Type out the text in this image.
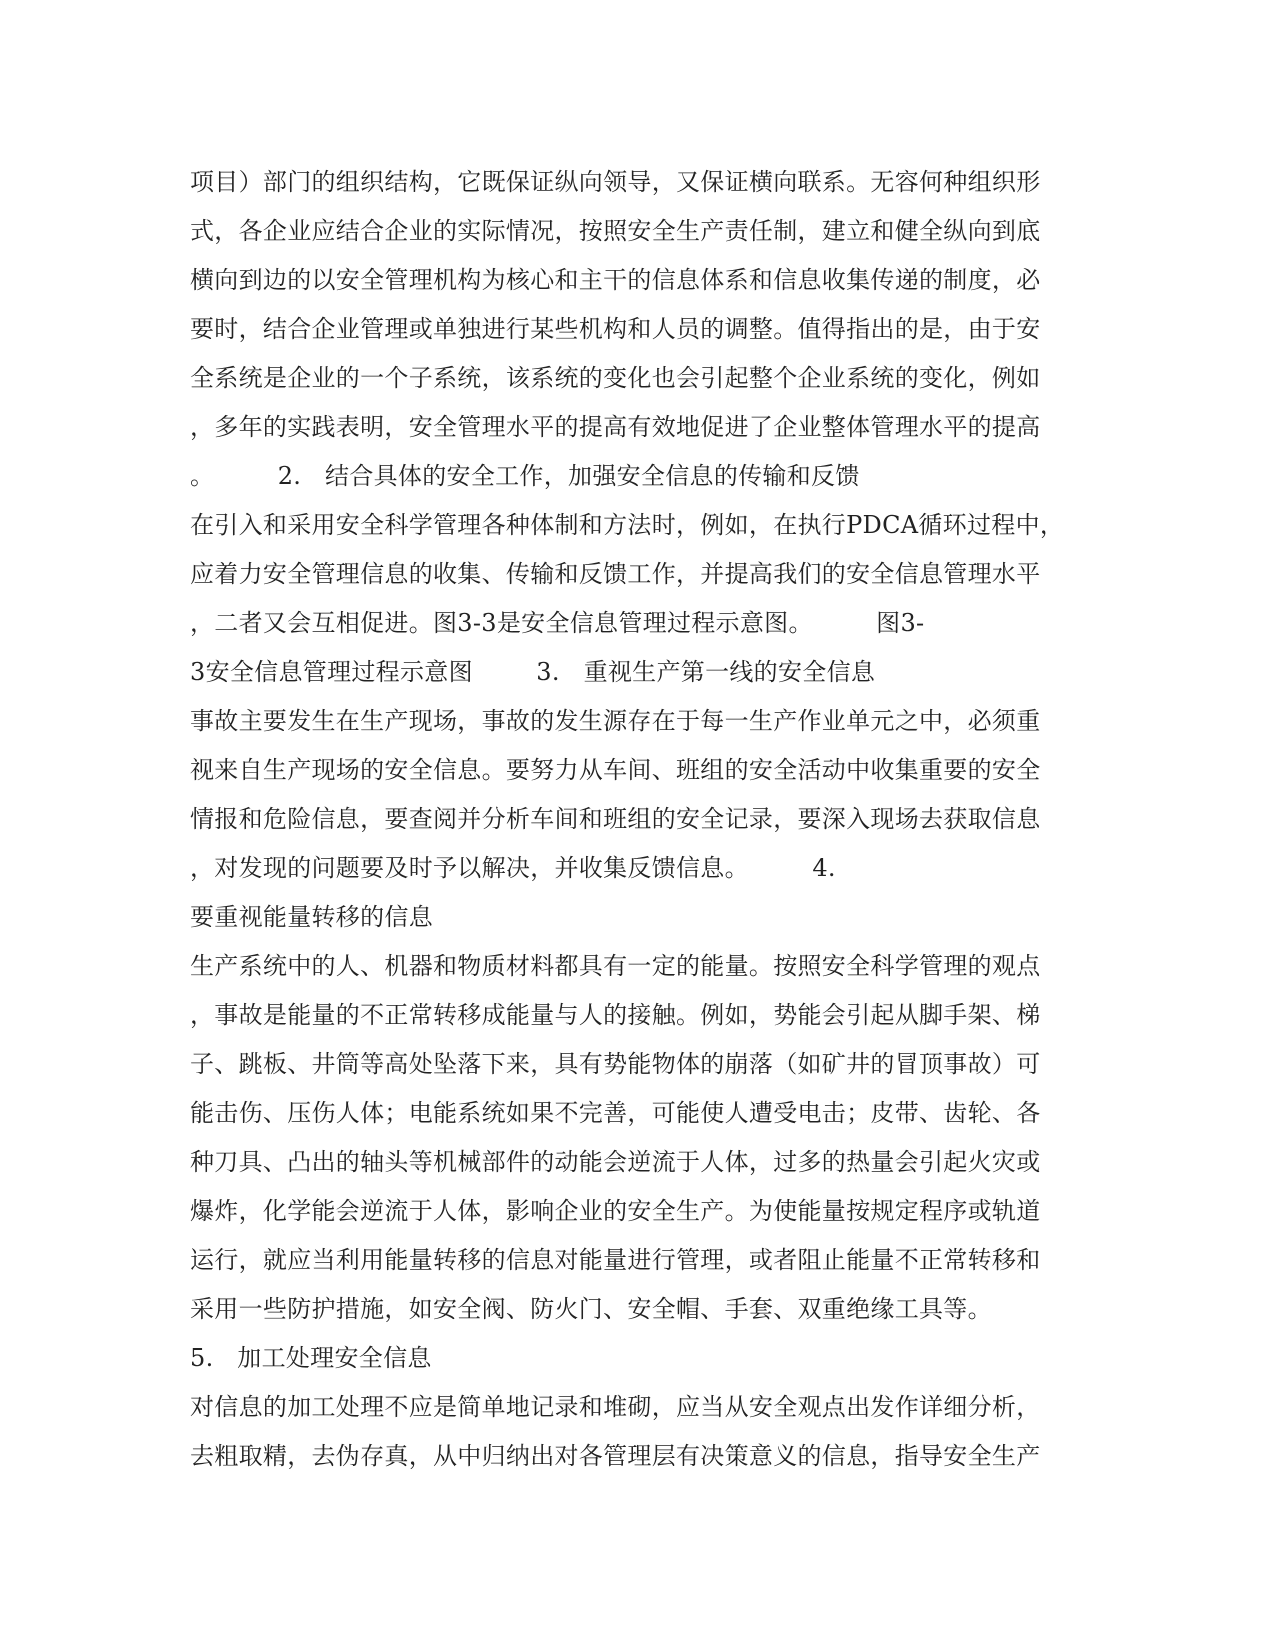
项目）部门的组织结构，它既保证纵向领导，又保证横向联系。无容何种组织形
式，各企业应结合企业的实际情况，按照安全生产责任制，建立和健全纵向到底
横向到边的以安全管理机构为核心和主干的信息体系和信息收集传递的制度，必
要时，结合企业管理或单独进行某些机构和人员的调整。值得指出的是，由于安
全系统是企业的一个子系统，该系统的变化也会引起整个企业系统的变化，例如
，多年的实践表明，安全管理水平的提高有效地促进了企业整体管理水平的提高
。        2.   结合具体的安全工作，加强安全信息的传输和反馈
在引入和采用安全科学管理各种体制和方法时，例如，在执行PDCA循环过程中，
应着力安全管理信息的收集、传输和反馈工作，并提高我们的安全信息管理水平
，二者又会互相促进。图3-3是安全信息管理过程示意图。        图3-
3安全信息管理过程示意图        3.   重视生产第一线的安全信息
事故主要发生在生产现场，事故的发生源存在于每一生产作业单元之中，必须重
视来自生产现场的安全信息。要努力从车间、班组的安全活动中收集重要的安全
情报和危险信息，要查阅并分析车间和班组的安全记录，要深入现场去获取信息
，对发现的问题要及时予以解决，并收集反馈信息。        4.
要重视能量转移的信息
生产系统中的人、机器和物质材料都具有一定的能量。按照安全科学管理的观点
，事故是能量的不正常转移成能量与人的接触。例如，势能会引起从脚手架、梯
子、跳板、井筒等高处坠落下来，具有势能物体的崩落（如矿井的冒顶事故）可
能击伤、压伤人体；电能系统如果不完善，可能使人遭受电击；皮带、齿轮、各
种刀具、凸出的轴头等机械部件的动能会逆流于人体，过多的热量会引起火灾或
爆炸，化学能会逆流于人体，影响企业的安全生产。为使能量按规定程序或轨道
运行，就应当利用能量转移的信息对能量进行管理，或者阻止能量不正常转移和
采用一些防护措施，如安全阀、防火门、安全帽、手套、双重绝缘工具等。
5.   加工处理安全信息
对信息的加工处理不应是简单地记录和堆砌，应当从安全观点出发作详细分析，
去粗取精，去伪存真，从中归纳出对各管理层有决策意义的信息，指导安全生产
